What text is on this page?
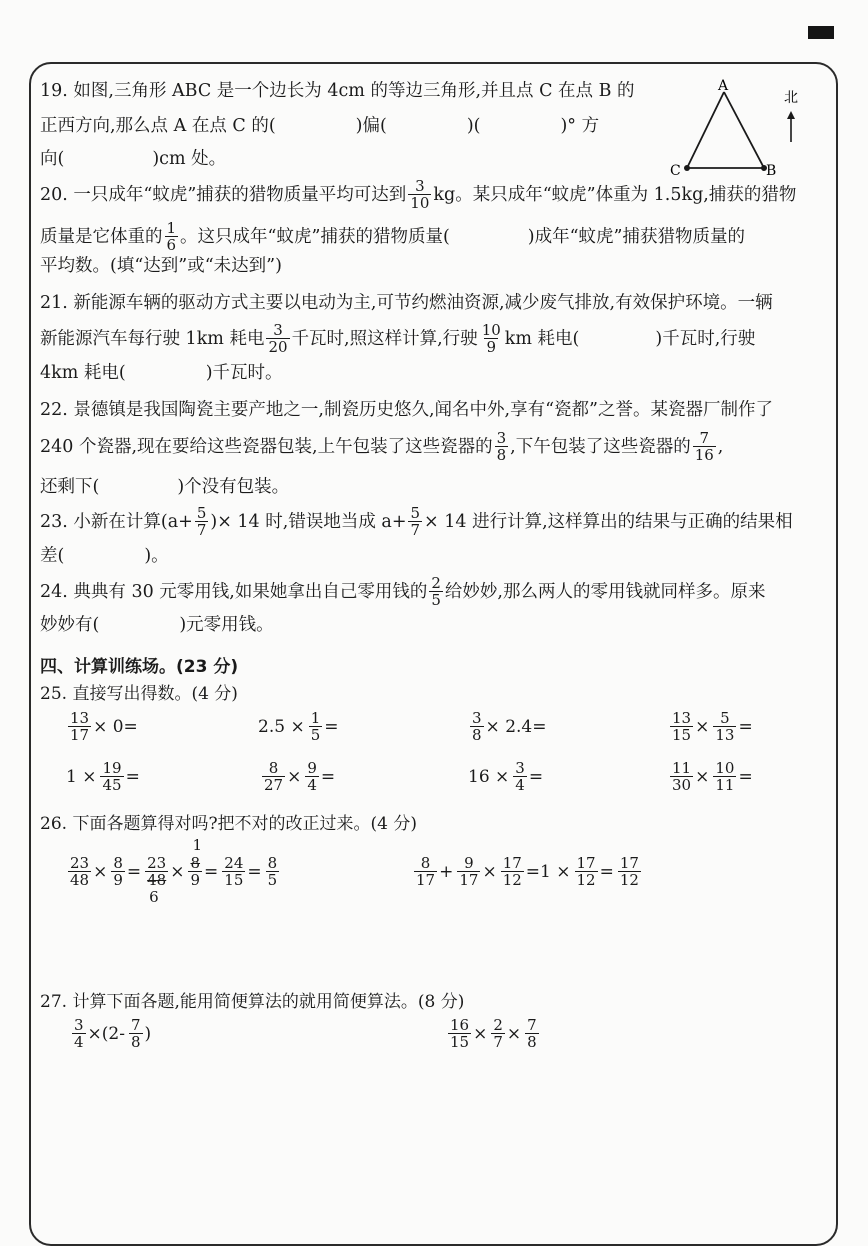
19. 如图,三角形 ABC 是一个边长为 4cm 的等边三角形,并且点 C 在点 B 的
正西方向,那么点 A 在点 C 的(	)偏(	)(	)° 方
向(	)cm 处。
A
C	B
北
20. 一只成年“蚊虎”捕获的猎物质量平均可达到 $\frac{3}{10}$ kg。某只成年“蚊虎”体重为 1.5kg,捕获的猎物
质量是它体重的 $\frac{1}{6}$ 。这只成年“蚊虎”捕获的猎物质量(	)成年“蚊虎”捕获猎物质量的
平均数。(填“达到”或“未达到”)
21. 新能源车辆的驱动方式主要以电动为主,可节约燃油资源,减少废气排放,有效保护环境。一辆
新能源汽车每行驶 1km 耗电 $\frac{3}{20}$ 千瓦时,照这样计算,行驶 $\frac{10}{9}$ km 耗电(	)千瓦时,行驶
4km 耗电(	)千瓦时。
22. 景德镇是我国陶瓷主要产地之一,制瓷历史悠久,闻名中外,享有“瓷都”之誉。某瓷器厂制作了
240 个瓷器,现在要给这些瓷器包装,上午包装了这些瓷器的 $\frac{3}{8}$ ,下午包装了这些瓷器的 $\frac{7}{16}$ ,
还剩下(	)个没有包装。
23. 小新在计算($a+ \frac{5}{7}$ )× 14 时,错误地当成 $a+ \frac{5}{7} \times 14$ 进行计算,这样算出的结果与正确的结果相
差(	)。
24. 典典有 30 元零用钱,如果她拿出自己零用钱的 $\frac{2}{5}$ 给妙妙,那么两人的零用钱就同样多。原来
妙妙有(	)元零用钱。
四、计算训练场。(23 分)
25. 直接写出得数。(4 分)
$\frac{13}{17} \times 0=$	$2.5 \times \frac{1}{5}$ =	$\frac{3}{8} \times 2.4=$	$\frac{13}{15} \times \frac{5}{13}$ =
$1 \times \frac{19}{45}$ =	$\frac{8}{27} \times \frac{9}{4}$ =	$16 \times \frac{3}{4}$ =	$\frac{11}{30} \times \frac{10}{11}$ =
26. 下面各题算得对吗?把不对的改正过来。(4 分)
$\frac{23}{48} \times \frac{8}{9} = 23$
48
6
×
1
8
$9 = \frac{24}{15} = \frac{8}{5}$	$\frac{8}{17} + \frac{9}{17} \times \frac{17}{12} =1 \times \frac{17}{12} = \frac{17}{12}$
27. 计算下面各题,能用简便算法的就用简便算法。(8 分)
$\frac{3}{4} \times(2- \frac{7}{8}$ )	$\frac{16}{15} \times \frac{2}{7} \times \frac{7}{8}$
